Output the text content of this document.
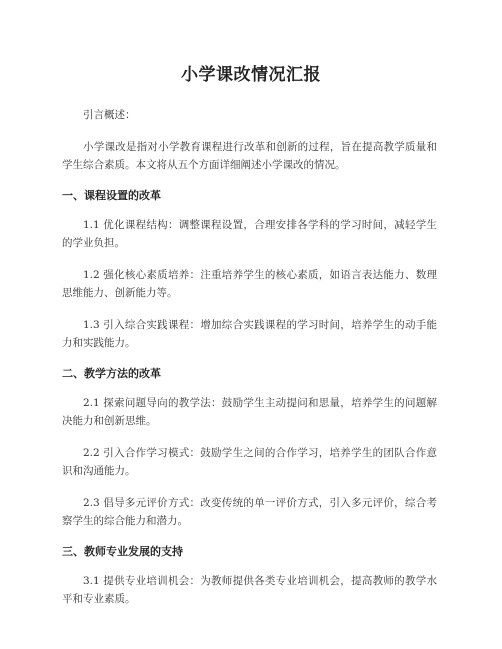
小学课改情况汇报

引言概述：

小学课改是指对小学教育课程进行改革和创新的过程，旨在提高教学质量和学生综合素质。本文将从五个方面详细阐述小学课改的情况。

一、课程设置的改革

1.1 优化课程结构：调整课程设置，合理安排各学科的学习时间，减轻学生的学业负担。

1.2 强化核心素质培养：注重培养学生的核心素质，如语言表达能力、数理思维能力、创新能力等。

1.3 引入综合实践课程：增加综合实践课程的学习时间，培养学生的动手能力和实践能力。

二、教学方法的改革

2.1 探索问题导向的教学法：鼓励学生主动提问和思量，培养学生的问题解决能力和创新思维。

2.2 引入合作学习模式：鼓励学生之间的合作学习，培养学生的团队合作意识和沟通能力。

2.3 倡导多元评价方式：改变传统的单一评价方式，引入多元评价，综合考察学生的综合能力和潜力。

三、教师专业发展的支持

3.1 提供专业培训机会：为教师提供各类专业培训机会，提高教师的教学水平和专业素质。
